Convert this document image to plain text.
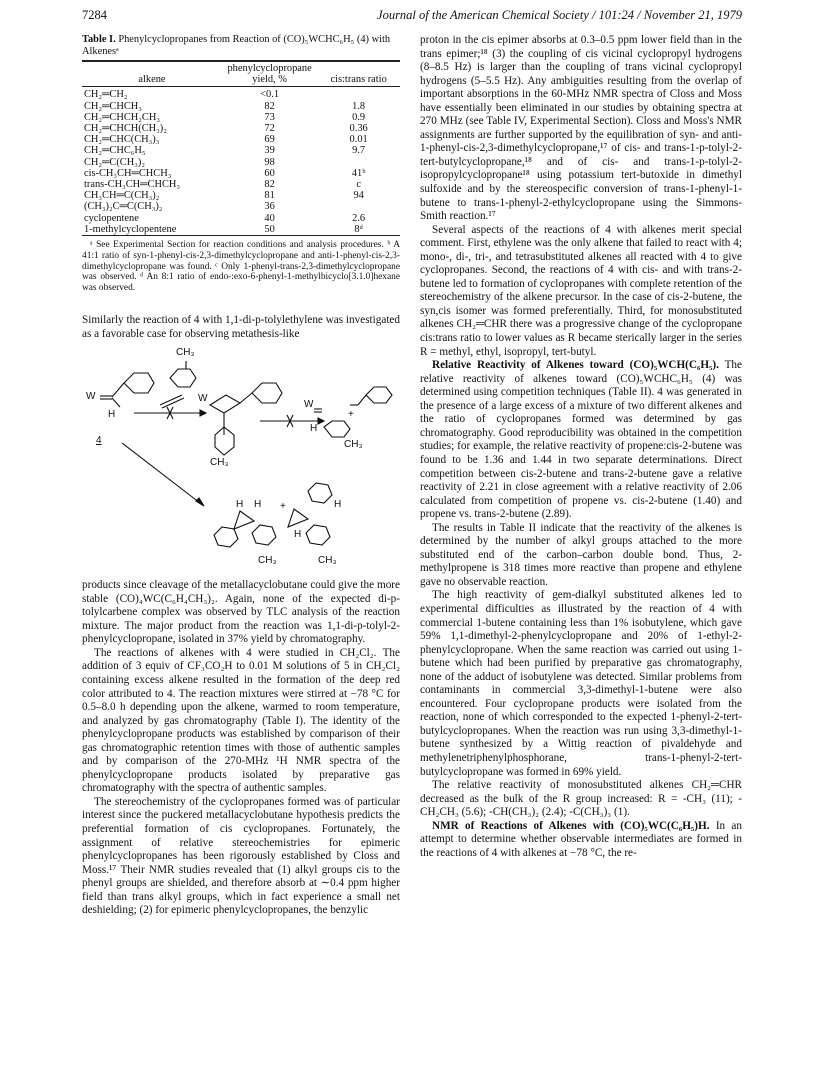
7284	Journal of the American Chemical Society / 101:24 / November 21, 1979
Table I. Phenylcyclopropanes from Reaction of (CO)₅WCHC₆H₅ (4) with Alkenesᵃ

alkene	phenylcyclopropane yield, %	cis:trans ratio
CH₂═CH₂	<0.1	
CH₂═CHCH₃	82	1.8
CH₂═CHCH₂CH₃	73	0.9
CH₂═CHCH(CH₃)₂	72	0.36
CH₂═CHC(CH₃)₃	69	0.01
CH₂═CHC₆H₅	39	9.7
CH₂═C(CH₃)₂	98	
cis-CH₃CH═CHCH₃	60	41ᵇ
trans-CH₃CH═CHCH₃	82	c
CH₃CH═C(CH₃)₂	81	94
(CH₃)₂C═C(CH₃)₂	36	
cyclopentene	40	2.6
1-methylcyclopentene	50	8ᵈ
ᵃ See Experimental Section for reaction conditions and analysis procedures. ᵇ A 41:1 ratio of syn-1-phenyl-cis-2,3-dimethylcyclopropane and anti-1-phenyl-cis-2,3-dimethylcyclopropane was found. ᶜ Only 1-phenyl-trans-2,3-dimethylcyclopropane was observed. ᵈ An 8:1 ratio of endo-:exo-6-phenyl-1-methylbicyclo[3.1.0]hexane was observed.

Similarly the reaction of 4 with 1,1-di-p-tolylethylene was investigated as a favorable case for observing metathesis-like

CH₃
W	W
W
H
H
CH₃
4
CH₃
H H	H
H
+
+
CH₃	CH₃

products since cleavage of the metallacyclobutane could give the more stable (CO)₄WC(C₆H₄CH₃)₂. Again, none of the expected di-p-tolylcarbene complex was observed by TLC analysis of the reaction mixture. The major product from the reaction was 1,1-di-p-tolyl-2-phenylcyclopropane, isolated in 37% yield by chromatography.

The reactions of alkenes with 4 were studied in CH₂Cl₂. The addition of 3 equiv of CF₃CO₂H to 0.01 M solutions of 5 in CH₂Cl₂ containing excess alkene resulted in the formation of the deep red color attributed to 4. The reaction mixtures were stirred at −78 °C for 0.5–8.0 h depending upon the alkene, warmed to room temperature, and analyzed by gas chromatography (Table I). The identity of the phenylcyclopropane products was established by comparison of their gas chromatographic retention times with those of authentic samples and by comparison of the 270-MHz ¹H NMR spectra of the phenylcyclopropane products isolated by preparative gas chromatography with the spectra of authentic samples.

The stereochemistry of the cyclopropanes formed was of particular interest since the puckered metallacyclobutane hypothesis predicts the preferential formation of cis cyclopropanes. Fortunately, the assignment of relative stereochemistries for epimeric phenylcyclopropanes has been rigorously established by Closs and Moss.¹⁷ Their NMR studies revealed that (1) alkyl groups cis to the phenyl groups are shielded, and therefore absorb at ∼0.4 ppm higher field than trans alkyl groups, which in fact experience a small net deshielding; (2) for epimeric phenylcyclopropanes, the benzylic

proton in the cis epimer absorbs at 0.3–0.5 ppm lower field than in the trans epimer;¹⁸ (3) the coupling of cis vicinal cyclopropyl hydrogens (8–8.5 Hz) is larger than the coupling of trans vicinal cyclopropyl hydrogens (5–5.5 Hz). Any ambiguities resulting from the overlap of important absorptions in the 60-MHz NMR spectra of Closs and Moss have essentially been eliminated in our studies by obtaining spectra at 270 MHz (see Table IV, Experimental Section). Closs and Moss's NMR assignments are further supported by the equilibration of syn- and anti-1-phenyl-cis-2,3-dimethylcyclopropane,¹⁷ of cis- and trans-1-p-tolyl-2-tert-butylcyclopropane,¹⁸ and of cis- and trans-1-p-tolyl-2-isopropylcyclopropane¹⁸ using potassium tert-butoxide in dimethyl sulfoxide and by the stereospecific conversion of trans-1-phenyl-1-butene to trans-1-phenyl-2-ethylcyclopropane using the Simmons-Smith reaction.¹⁷

Several aspects of the reactions of 4 with alkenes merit special comment. First, ethylene was the only alkene that failed to react with 4; mono-, di-, tri-, and tetrasubstituted alkenes all reacted with 4 to give cyclopropanes. Second, the reactions of 4 with cis- and with trans-2-butene led to formation of cyclopropanes with complete retention of the stereochemistry of the alkene precursor. In the case of cis-2-butene, the syn,cis isomer was formed preferentially. Third, for monosubstituted alkenes CH₂═CHR there was a progressive change of the cyclopropane cis:trans ratio to lower values as R became sterically larger in the series R = methyl, ethyl, isopropyl, tert-butyl.

Relative Reactivity of Alkenes toward (CO)₅WCH(C₆H₅). The relative reactivity of alkenes toward (CO)₅WCHC₆H₅ (4) was determined using competition techniques (Table II). 4 was generated in the presence of a large excess of a mixture of two different alkenes and the ratio of cyclopropanes formed was determined by gas chromatography. Good reproducibility was obtained in the competition studies; for example, the relative reactivity of propene:cis-2-butene was found to be 1.36 and 1.44 in two separate determinations. Direct competition between cis-2-butene and trans-2-butene gave a relative reactivity of 2.21 in close agreement with a relative reactivity of 2.06 calculated from competition of propene vs. cis-2-butene (1.40) and propene vs. trans-2-butene (2.89).

The results in Table II indicate that the reactivity of the alkenes is determined by the number of alkyl groups attached to the more substituted end of the carbon–carbon double bond. Thus, 2-methylpropene is 318 times more reactive than propene and ethylene gave no observable reaction.

The high reactivity of gem-dialkyl substituted alkenes led to experimental difficulties as illustrated by the reaction of 4 with commercial 1-butene containing less than 1% isobutylene, which gave 59% 1,1-dimethyl-2-phenylcyclopropane and 20% of 1-ethyl-2-phenylcyclopropane. When the same reaction was carried out using 1-butene which had been purified by preparative gas chromatography, none of the adduct of isobutylene was detected. Similar problems from contaminants in commercial 3,3-dimethyl-1-butene were also encountered. Four cyclopropane products were isolated from the reaction, none of which corresponded to the expected 1-phenyl-2-tert-butylcyclopropanes. When the reaction was run using 3,3-dimethyl-1-butene synthesized by a Wittig reaction of pivaldehyde and methylenetriphenylphosphorane, trans-1-phenyl-2-tert-butylcyclopropane was formed in 69% yield.

The relative reactivity of monosubstituted alkenes CH₂═CHR decreased as the bulk of the R group increased: R = -CH₃ (11); -CH₂CH₃ (5.6); -CH(CH₃)₂ (2.4); -C(CH₃)₃ (1).

NMR of Reactions of Alkenes with (CO)₅WC(C₆H₅)H. In an attempt to determine whether observable intermediates are formed in the reactions of 4 with alkenes at −78 °C, the re-
